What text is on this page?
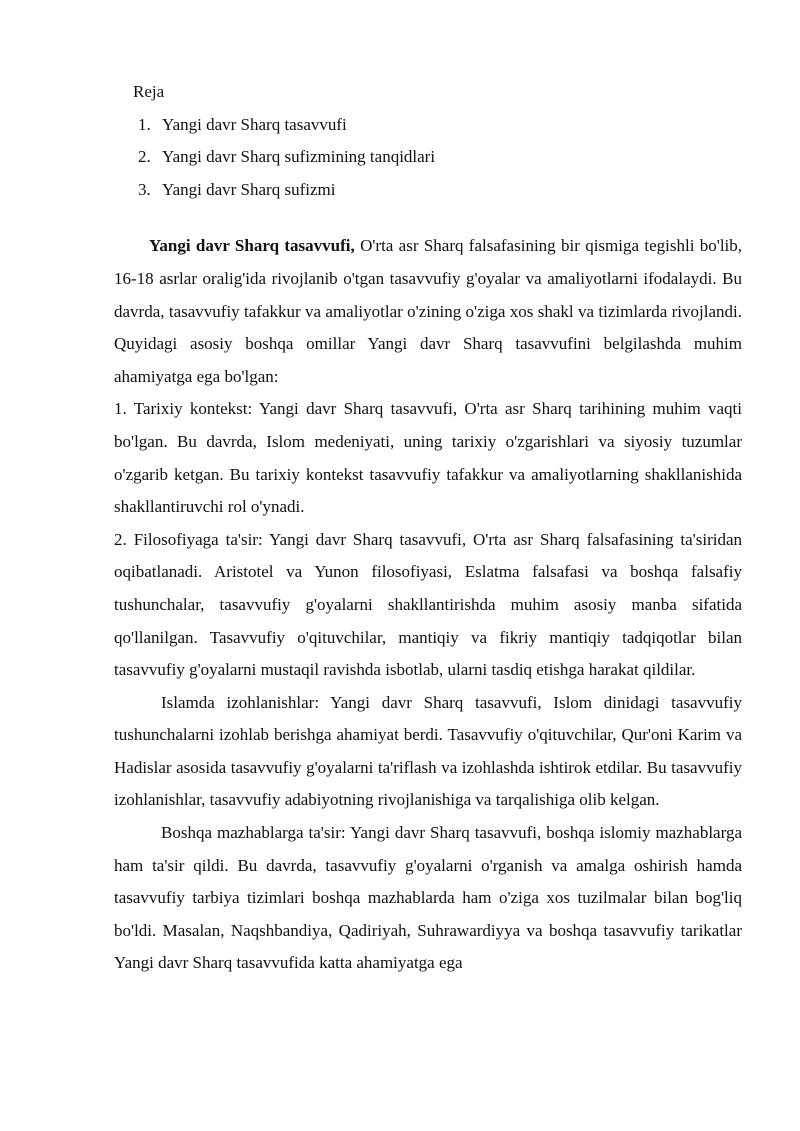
Reja
1. Yangi davr Sharq tasavvufi
2. Yangi davr Sharq sufizmining tanqidlari
3. Yangi davr Sharq sufizmi

Yangi davr Sharq tasavvufi, O'rta asr Sharq falsafasining bir qismiga tegishli bo'lib, 16-18 asrlar oralig'ida rivojlanib o'tgan tasavvufiy g'oyalar va amaliyotlarni ifodalaydi. Bu davrda, tasavvufiy tafakkur va amaliyotlar o'zining o'ziga xos shakl va tizimlarda rivojlandi. Quyidagi asosiy boshqa omillar Yangi davr Sharq tasavvufini belgilashda muhim ahamiyatga ega bo'lgan:

1. Tarixiy kontekst: Yangi davr Sharq tasavvufi, O'rta asr Sharq tarihining muhim vaqti bo'lgan. Bu davrda, Islom medeniyati, uning tarixiy o'zgarishlari va siyosiy tuzumlar o'zgarib ketgan. Bu tarixiy kontekst tasavvufiy tafakkur va amaliyotlarning shakllanishida shakllantiruvchi rol o'ynadi.

2. Filosofiyaga ta'sir: Yangi davr Sharq tasavvufi, O'rta asr Sharq falsafasining ta'siridan oqibatlanadi. Aristotel va Yunon filosofiyasi, Eslatma falsafasi va boshqa falsafiy tushunchalar, tasavvufiy g'oyalarni shakllantirishda muhim asosiy manba sifatida qo'llanilgan. Tasavvufiy o'qituvchilar, mantiqiy va fikriy mantiqiy tadqiqotlar bilan tasavvufiy g'oyalarni mustaqil ravishda isbotlab, ularni tasdiq etishga harakat qildilar.

Islamda izohlanishlar: Yangi davr Sharq tasavvufi, Islom dinidagi tasavvufiy tushunchalarni izohlab berishga ahamiyat berdi. Tasavvufiy o'qituvchilar, Qur'oni Karim va Hadislar asosida tasavvufiy g'oyalarni ta'riflash va izohlashda ishtirok etdilar. Bu tasavvufiy izohlanishlar, tasavvufiy adabiyotning rivojlanishiga va tarqalishiga olib kelgan.

Boshqa mazhablarga ta'sir: Yangi davr Sharq tasavvufi, boshqa islomiy mazhablarga ham ta'sir qildi. Bu davrda, tasavvufiy g'oyalarni o'rganish va amalga oshirish hamda tasavvufiy tarbiya tizimlari boshqa mazhablarda ham o'ziga xos tuzilmalar bilan bog'liq bo'ldi. Masalan, Naqshbandiya, Qadiriyah, Suhrawardiyya va boshqa tasavvufiy tarikatlar Yangi davr Sharq tasavvufida katta ahamiyatga ega
